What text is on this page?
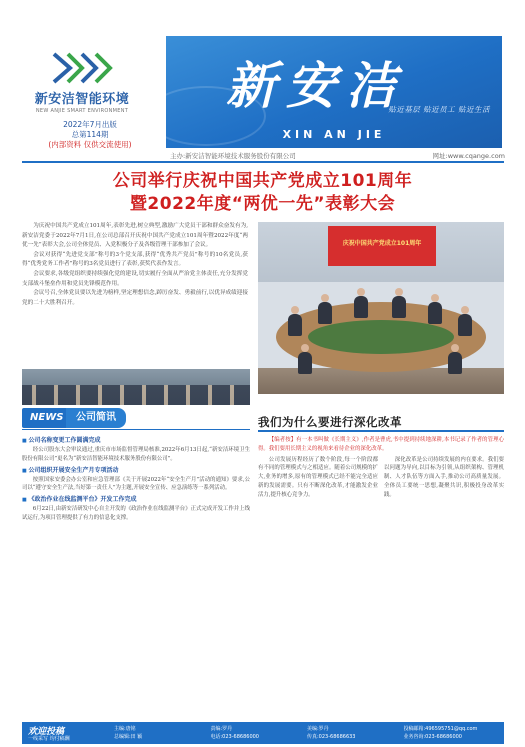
新安洁智能环境
NEW ANJIE SMART ENVIRONMENT
2022年7月出版
总第114期
(内部资料 仅供交流使用)
新安洁
贴近基层 贴近员工 贴近生活
XIN AN JIE
主办:新安洁智能环境技术服务股份有限公司	网址:www.cqange.com
公司举行庆祝中国共产党成立101周年
暨2022年度“两优一先”表彰大会

为庆祝中国共产党成立101周年,表彰先进,树立典型,激励广大党员干部和群众奋发有为,新安洁党委于2022年7月1日,在公司总部召开庆祝中国共产党成立101周年暨2022年度“两优一先”表彰大会,公司全体党员、入党积极分子及各级管理干部参加了会议。

会议对获得“先进党支部”称号的3个党支部,获得“优秀共产党员”称号的10名党员,获得“优秀党务工作者”称号的3名党员进行了表彰,获奖代表作发言。

会议要求,各级党组织要持续强化党的建设,切实履行全面从严治党主体责任,充分发挥党支部战斗堡垒作用和党员先锋模范作用。

会议号召,全体党员要以先进为榜样,坚定理想信念,踔厉奋发、勇毅前行,以优异成绩迎接党的二十大胜利召开。

庆祝中国共产党成立101周年
NEWS	公司简讯
■ 公司名称变更工作圆满完成

经公司股东大会审议通过,重庆市市场监督管理局核准,2022年6月13日起,“新安洁环境卫生股份有限公司”更名为“新安洁智能环境技术服务股份有限公司”。

■ 公司组织开展安全生产月专项活动

按照国家安委会办公室和应急管理部《关于开展2022年“安全生产月”活动的通知》要求,公司以“遵守安全生产法,当好第一责任人”为主题,开展安全宣传、应急演练等一系列活动。

■ 《政治作业在线监测平台》开发工作完成

6月22日,由新安洁研发中心自主开发的《政治作业在线监测平台》正式完成开发工作并上线试运行,为项目管理提供了有力的信息化支撑。

我们为什么要进行深化改革

【编者按】有一本书叫做《长期主义》,作者是曹虎,书中提到持续地深耕,本书记录了作者的管理心得。我们要用长期主义的视角来看待企业的深化改革。

公司发展历程经历了数个阶段,每一个阶段都有不同的管理模式与之相适应。随着公司规模的扩大,业务的增多,原有的管理模式已经不能完全适应新的发展需要。只有不断深化改革,才能激发企业活力,提升核心竞争力。

深化改革是公司持续发展的内在要求。我们要以问题为导向,以目标为引领,从组织架构、管理机制、人才队伍等方面入手,推动公司高质量发展。全体员工要统一思想,凝聚共识,积极投身改革实践。

欢迎投稿
一线采写 均付稿酬
主编:唐铭	责编:罗丹	美编:罗丹	投稿邮箱:496595751@qq.com
总编辑:田 颖	电话:023-68686000	传真:023-68686633	业务咨询:023-68686000
